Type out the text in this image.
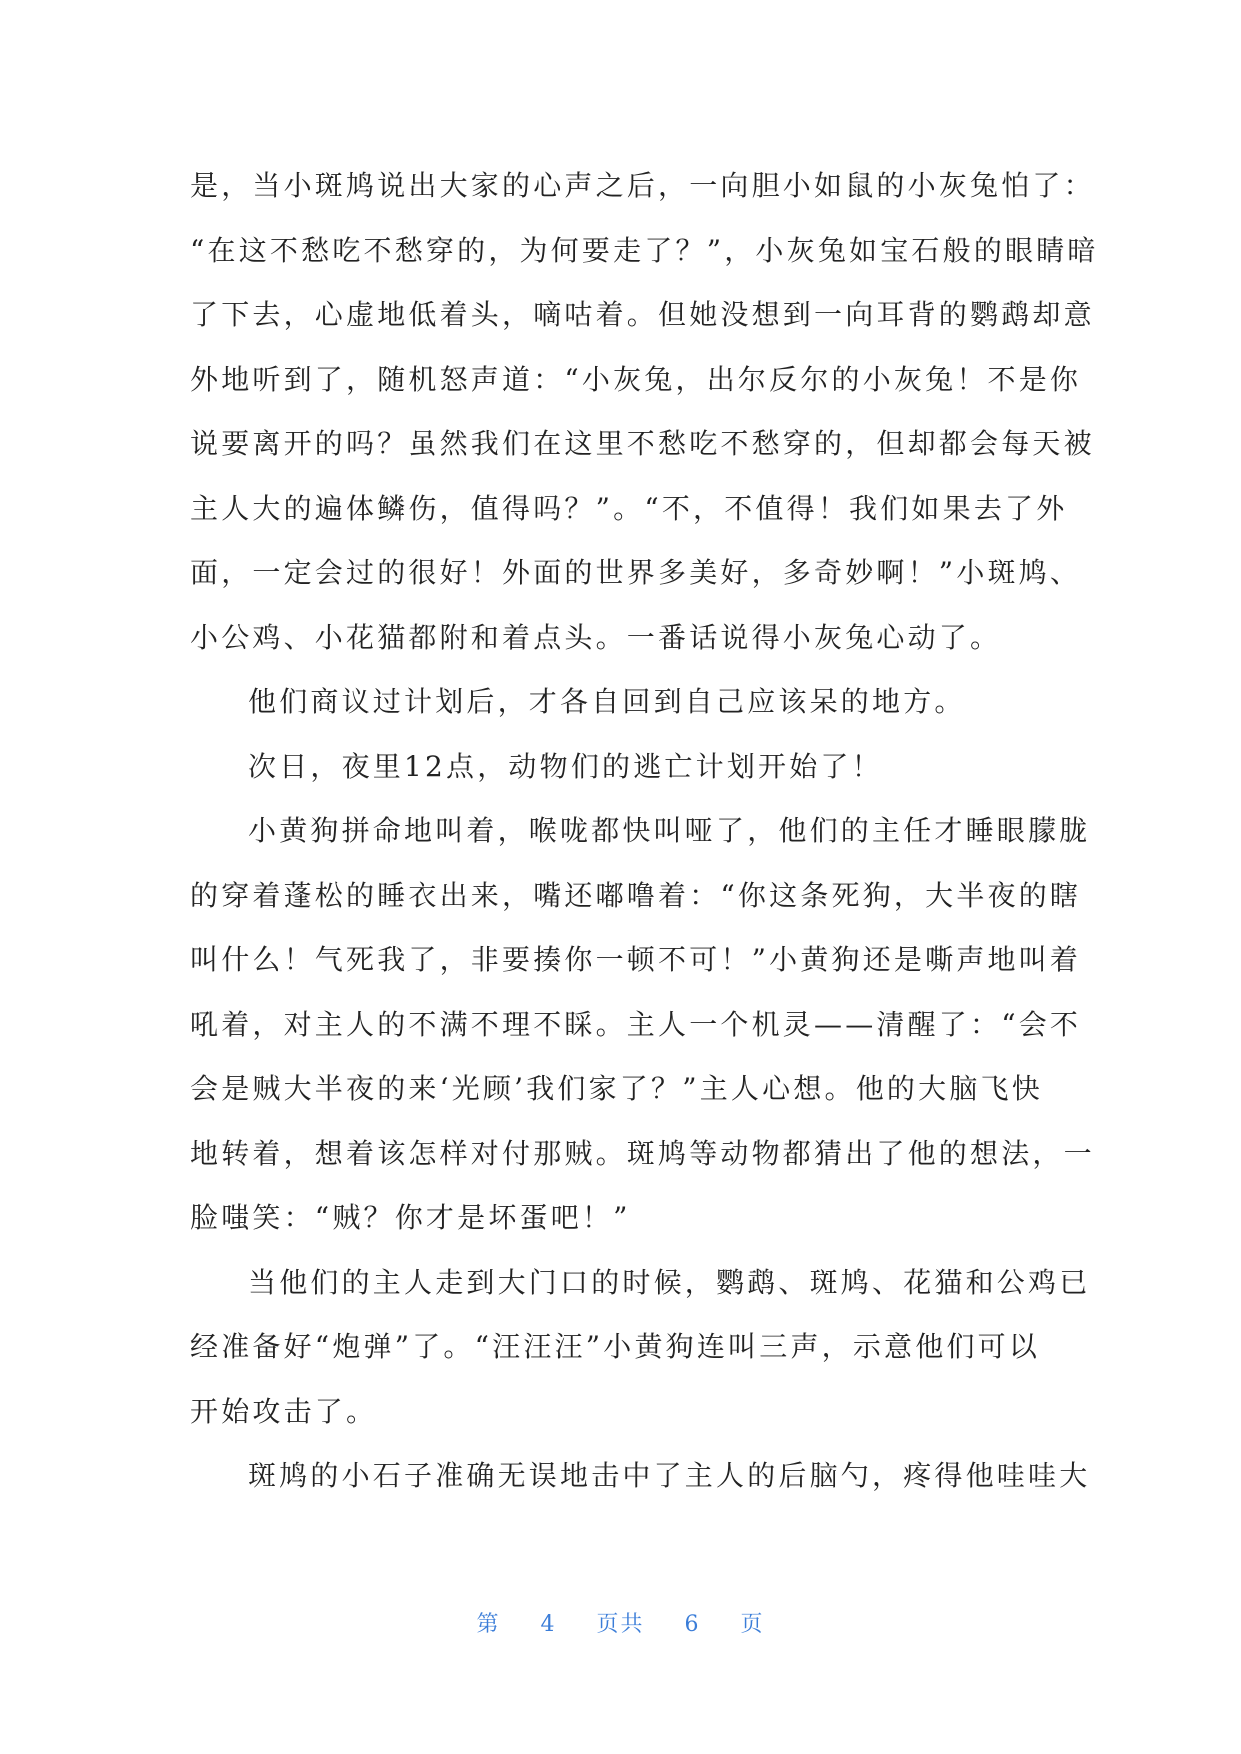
是，当小斑鸠说出大家的心声之后，一向胆小如鼠的小灰兔怕了：
“在这不愁吃不愁穿的，为何要走了？”，小灰兔如宝石般的眼睛暗
了下去，心虚地低着头，嘀咕着。但她没想到一向耳背的鹦鹉却意
外地听到了，随机怒声道：“小灰兔，出尔反尔的小灰兔！不是你
说要离开的吗？虽然我们在这里不愁吃不愁穿的，但却都会每天被
主人大的遍体鳞伤，值得吗？”。“不，不值得！我们如果去了外
面，一定会过的很好！外面的世界多美好，多奇妙啊！”小斑鸠、
小公鸡、小花猫都附和着点头。一番话说得小灰兔心动了。
他们商议过计划后，才各自回到自己应该呆的地方。
次日，夜里12点，动物们的逃亡计划开始了！
小黄狗拼命地叫着，喉咙都快叫哑了，他们的主任才睡眼朦胧
的穿着蓬松的睡衣出来，嘴还嘟噜着：“你这条死狗，大半夜的瞎
叫什么！气死我了，非要揍你一顿不可！”小黄狗还是嘶声地叫着
吼着，对主人的不满不理不睬。主人一个机灵——清醒了：“会不
会是贼大半夜的来‘光顾’我们家了？”主人心想。他的大脑飞快
地转着，想着该怎样对付那贼。斑鸠等动物都猜出了他的想法，一
脸嗤笑：“贼？你才是坏蛋吧！”
当他们的主人走到大门口的时候，鹦鹉、斑鸠、花猫和公鸡已
经准备好“炮弹”了。“汪汪汪”小黄狗连叫三声，示意他们可以
开始攻击了。
斑鸠的小石子准确无误地击中了主人的后脑勺，疼得他哇哇大
第 4 页共 6 页
